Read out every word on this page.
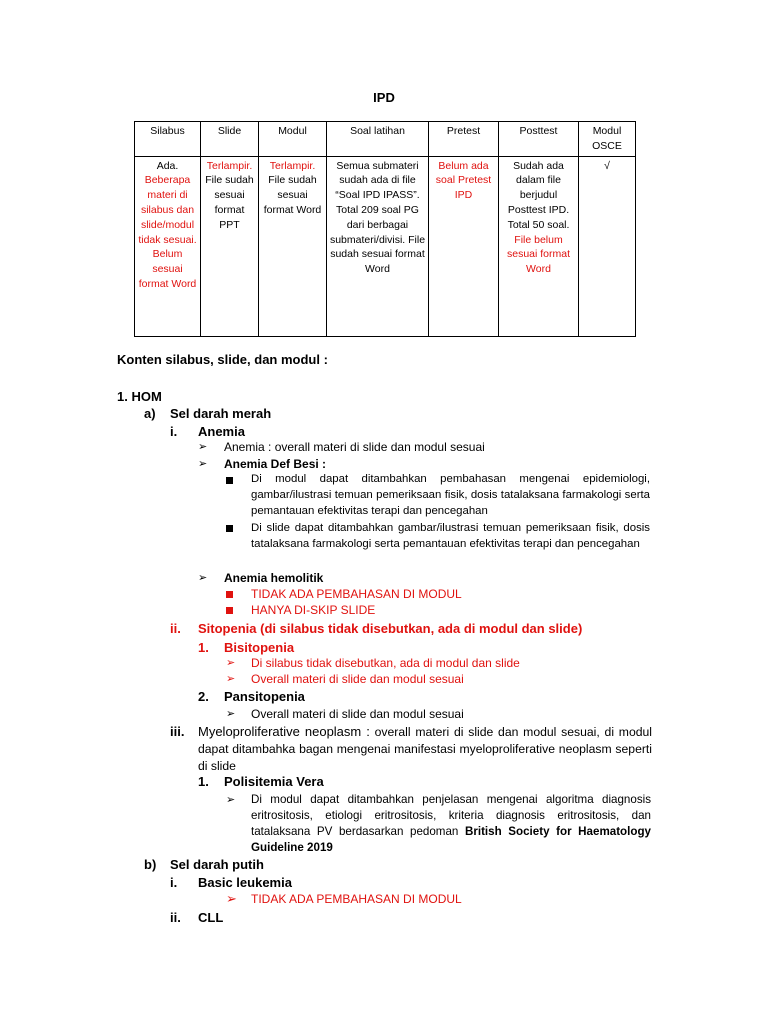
IPD
Silabus	Slide	Modul	Soal latihan	Pretest	Posttest	Modul OSCE
Ada. Beberapa materi di silabus dan slide/modul tidak sesuai. Belum sesuai format Word	Terlampir. File sudah sesuai format PPT	Terlampir. File sudah sesuai format Word	Semua submateri sudah ada di file “Soal IPD IPASS”. Total 209 soal PG dari berbagai submateri/divisi. File sudah sesuai format Word	Belum ada soal Pretest IPD	Sudah ada dalam file berjudul Posttest IPD. Total 50 soal. File belum sesuai format Word	√
Konten silabus, slide, dan modul :
1. HOM
a) Sel darah merah
i. Anemia
➢ Anemia : overall materi di slide dan modul sesuai
➢ Anemia Def Besi :
Di modul dapat ditambahkan pembahasan mengenai epidemiologi, gambar/ilustrasi temuan pemeriksaan fisik, dosis tatalaksana farmakologi serta pemantauan efektivitas terapi dan pencegahan
Di slide dapat ditambahkan gambar/ilustrasi temuan pemeriksaan fisik, dosis tatalaksana farmakologi serta pemantauan efektivitas terapi dan pencegahan
➢ Anemia hemolitik
TIDAK ADA PEMBAHASAN DI MODUL
HANYA DI-SKIP SLIDE
ii. Sitopenia (di silabus tidak disebutkan, ada di modul dan slide)
1. Bisitopenia
➢ Di silabus tidak disebutkan, ada di modul dan slide
➢ Overall materi di slide dan modul sesuai
2. Pansitopenia
➢ Overall materi di slide dan modul sesuai
iii. Myeloproliferative neoplasm : overall materi di slide dan modul sesuai, di modul dapat ditambahka bagan mengenai manifestasi myeloproliferative neoplasm seperti di slide
1. Polisitemia Vera
➢ Di modul dapat ditambahkan penjelasan mengenai algoritma diagnosis eritrositosis, etiologi eritrositosis, kriteria diagnosis eritrositosis, dan tatalaksana PV berdasarkan pedoman British Society for Haematology Guideline 2019
b) Sel darah putih
i. Basic leukemia
➢ TIDAK ADA PEMBAHASAN DI MODUL
ii. CLL
